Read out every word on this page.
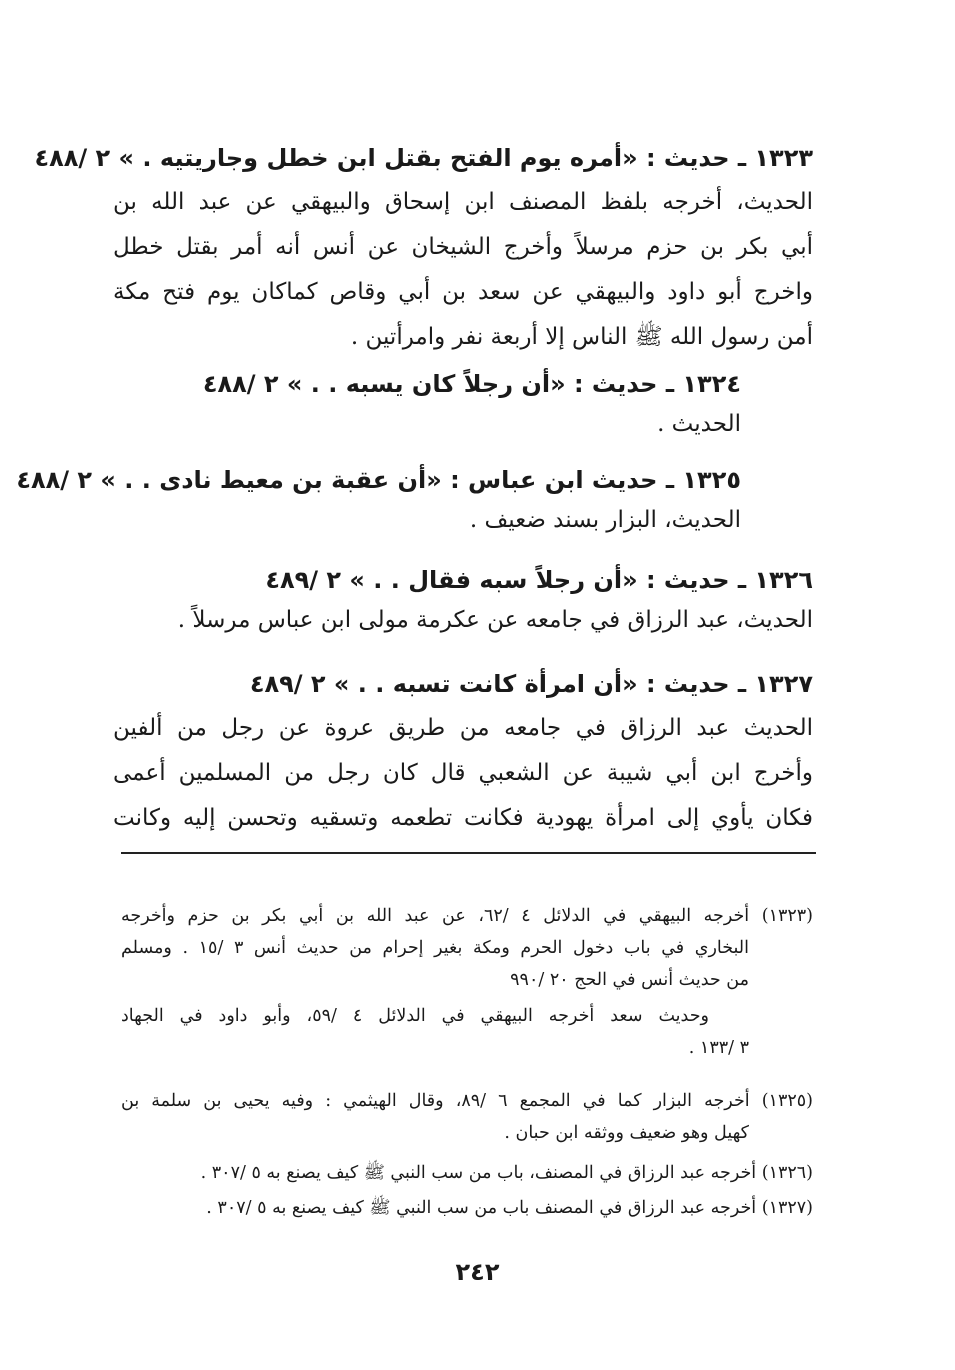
١٣٢٣ ـ حديث : «أمره يوم الفتح بقتل ابن خطل وجاريتيه . » ٢ /٤٨٨
الحديث، أخرجه بلفظ المصنف ابن إسحاق والبيهقي عن عبد الله بن
أبي بكر بن حزم مرسلاً وأخرج الشيخان عن أنس أنه أمر بقتل خطل
واخرج أبو داود والبيهقي عن سعد بن أبي وقاص كماكان يوم فتح مكة
أمن رسول الله ﷺ الناس إلا أربعة نفر وامرأتين .
١٣٢٤ ـ حديث : «أن رجلاً كان يسبه . . » ٢ /٤٨٨
الحديث .
١٣٢٥ ـ حديث ابن عباس : «أن عقبة بن معيط نادى . . » ٢ /٤٨٨
الحديث، البزار بسند ضعيف .
١٣٢٦ ـ حديث : «أن رجلاً سبه فقال . . » ٢ /٤٨٩
الحديث، عبد الرزاق في جامعه عن عكرمة مولى ابن عباس مرسلاً .
١٣٢٧ ـ حديث : «أن امرأة كانت تسبه . . » ٢ /٤٨٩
الحديث عبد الرزاق في جامعه من طريق عروة عن رجل من ألفين
وأخرج ابن أبي شيبة عن الشعبي قال كان رجل من المسلمين أعمى
فكان يأوي إلى امرأة يهودية فكانت تطعمه وتسقيه وتحسن إليه وكانت
(١٣٢٣) أخرجه البيهقي في الدلائل ٤ /٦٢، عن عبد الله بن أبي بكر بن حزم وأخرجه
البخاري في باب دخول الحرم ومكة بغير إحرام من حديث أنس ٣ /١٥ . ومسلم
من حديث أنس في الحج ٢٠ /٩٩٠
وحديث سعد أخرجه البيهقي في الدلائل ٤ /٥٩، وأبو داود في الجهاد
٣ /١٣٣ .
(١٣٢٥) أخرجه البزار كما في المجمع ٦ /٨٩، وقال الهيثمي : وفيه يحيى بن سلمة بن
كهيل وهو ضعيف ووثقه ابن حبان .
(١٣٢٦) أخرجه عبد الرزاق في المصنف، باب من سب النبي ﷺ كيف يصنع به ٥ /٣٠٧ .
(١٣٢٧) أخرجه عبد الرزاق في المصنف باب من سب النبي ﷺ كيف يصنع به ٥ /٣٠٧ .
٢٤٢
